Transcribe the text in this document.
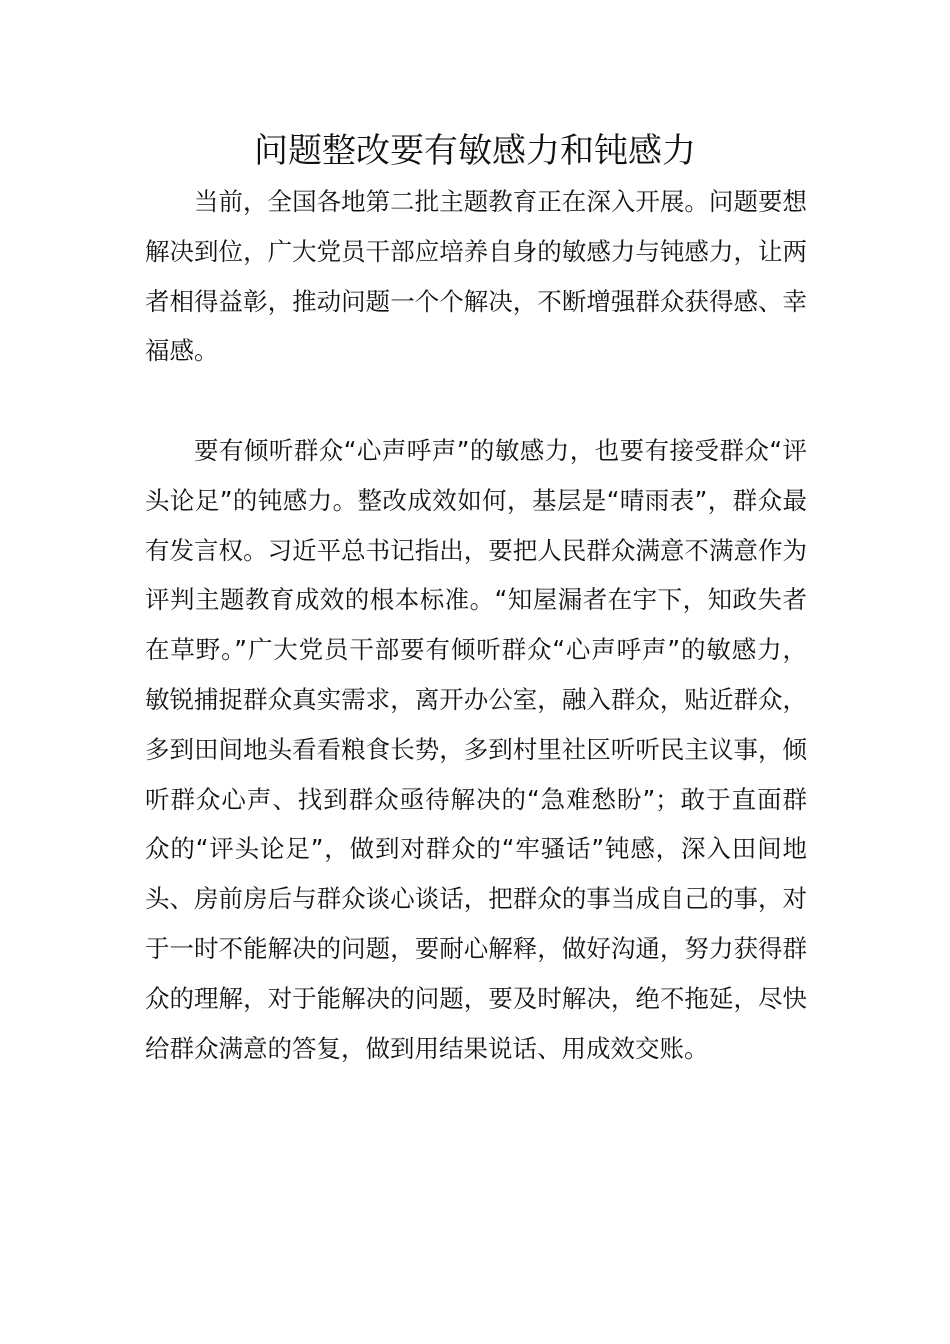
问题整改要有敏感力和钝感力

当前，全国各地第二批主题教育正在深入开展。问题要想解决到位，广大党员干部应培养自身的敏感力与钝感力，让两者相得益彰，推动问题一个个解决，不断增强群众获得感、幸福感。

要有倾听群众“心声呼声”的敏感力，也要有接受群众“评头论足”的钝感力。整改成效如何，基层是“晴雨表”，群众最有发言权。习近平总书记指出，要把人民群众满意不满意作为评判主题教育成效的根本标准。“知屋漏者在宇下，知政失者在草野。”广大党员干部要有倾听群众“心声呼声”的敏感力，敏锐捕捉群众真实需求，离开办公室，融入群众，贴近群众，多到田间地头看看粮食长势，多到村里社区听听民主议事，倾听群众心声、找到群众亟待解决的“急难愁盼”；敢于直面群众的“评头论足”，做到对群众的“牢骚话”钝感，深入田间地头、房前房后与群众谈心谈话，把群众的事当成自己的事，对于一时不能解决的问题，要耐心解释，做好沟通，努力获得群众的理解，对于能解决的问题，要及时解决，绝不拖延，尽快给群众满意的答复，做到用结果说话、用成效交账。
